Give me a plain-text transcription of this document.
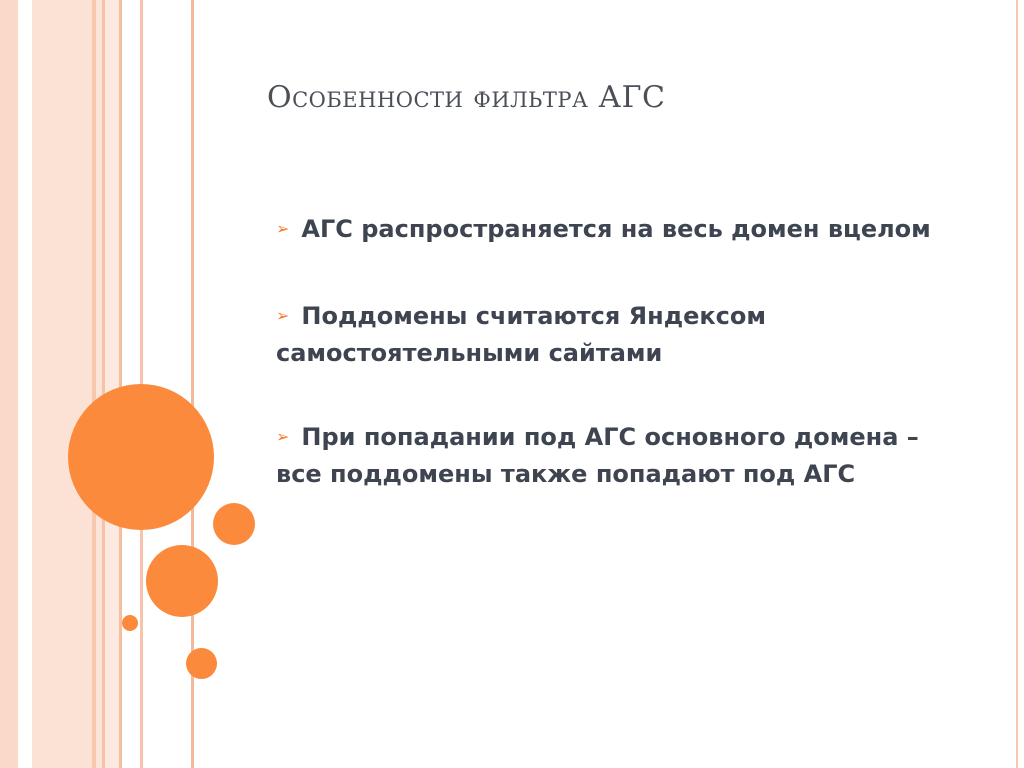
Особенности фильтра АГС
➢ АГС распространяется на весь домен вцелом
➢ Поддомены считаются Яндексом самостоятельными сайтами
➢ При попадании под АГС основного домена – все поддомены также попадают под АГС
